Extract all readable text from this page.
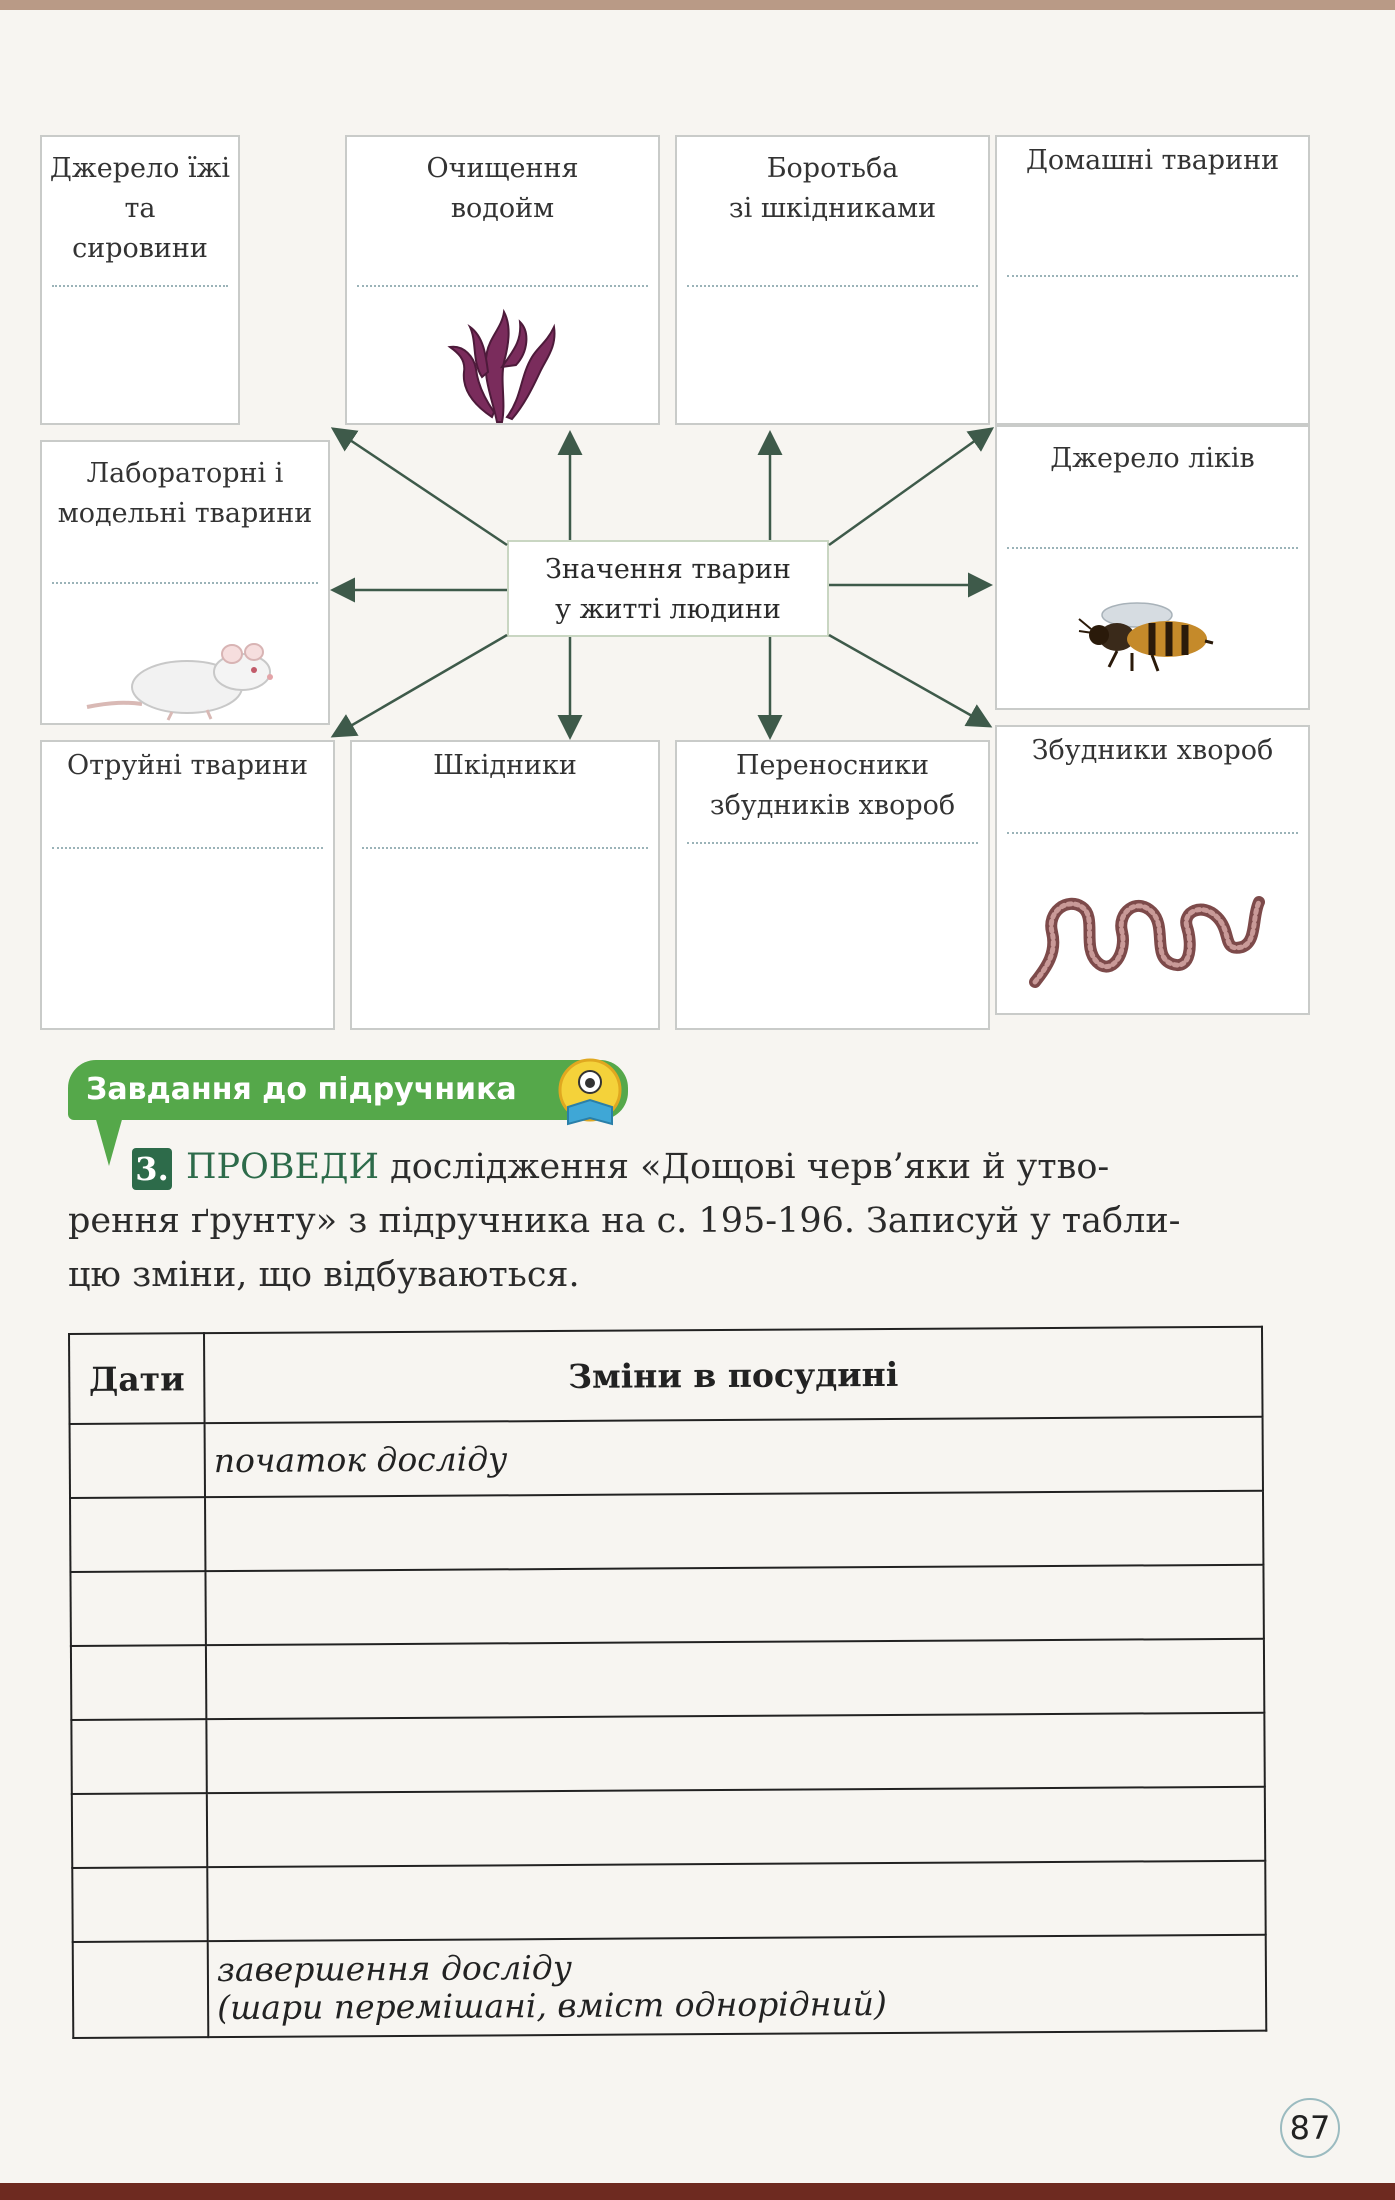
Джерело їжі та
сировини
Очищення
водойм
Боротьба
зі шкідниками
Домашні тварини
Лабораторні і
модельні тварини
Значення тварин
у житті людини
Джерело ліків
Отруйні тварини	Шкідники	Переносники
збудників хвороб
Збудники хвороб
Завдання до підручника
3. ПРОВЕДИ дослідження «Дощові черв’яки й утво-
рення ґрунту» з підручника на с. 195-196. Записуй у табли-
цю зміни, що відбуваються.
Дати	Зміни в посудині
	початок досліду

	завершення досліду
(шари перемішані, вміст однорідний)
87
